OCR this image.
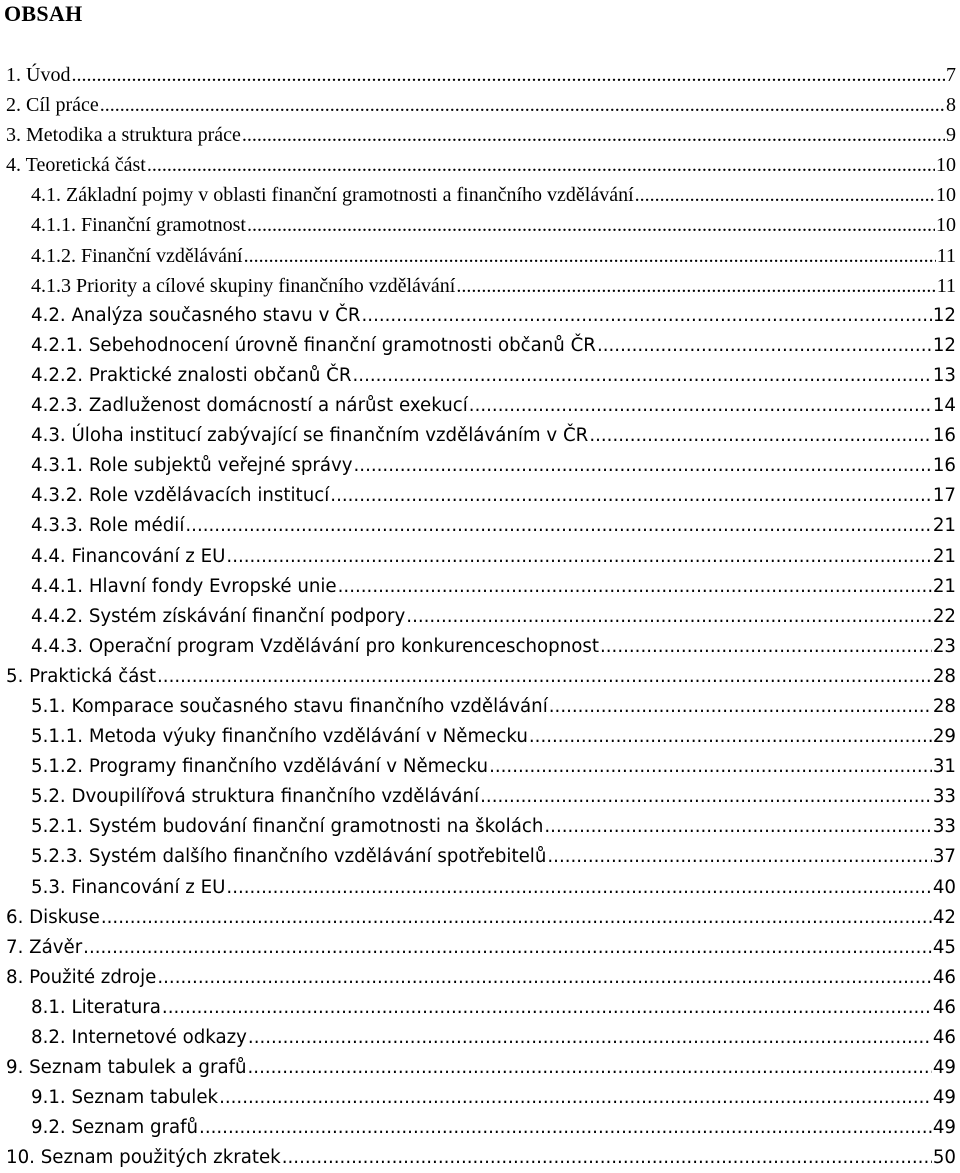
OBSAH
1. Úvod .....	7
2. Cíl práce .....	8
3. Metodika a struktura práce .....	9
4. Teoretická část .....	10
4.1. Základní pojmy v oblasti finanční gramotnosti a finančního vzdělávání .....	10
4.1.1. Finanční gramotnost .....	10
4.1.2. Finanční vzdělávání .....	11
4.1.3 Priority a cílové skupiny finančního vzdělávání .....	11
4.2. Analýza současného stavu v ČR .....	12
4.2.1. Sebehodnocení úrovně finanční gramotnosti občanů ČR .....	12
4.2.2. Praktické znalosti občanů ČR .....	13
4.2.3. Zadluženost domácností a nárůst exekucí .....	14
4.3. Úloha institucí zabývající se finančním vzděláváním v ČR .....	16
4.3.1. Role subjektů veřejné správy .....	16
4.3.2. Role vzdělávacích institucí .....	17
4.3.3. Role médií .....	21
4.4. Financování z EU .....	21
4.4.1. Hlavní fondy Evropské unie .....	21
4.4.2. Systém získávání finanční podpory .....	22
4.4.3. Operační program Vzdělávání pro konkurenceschopnost .....	23
5. Praktická část .....	28
5.1. Komparace současného stavu finančního vzdělávání .....	28
5.1.1. Metoda výuky finančního vzdělávání v Německu .....	29
5.1.2. Programy finančního vzdělávání v Německu .....	31
5.2. Dvoupilířová struktura finančního vzdělávání .....	33
5.2.1. Systém budování finanční gramotnosti na školách .....	33
5.2.3. Systém dalšího finančního vzdělávání spotřebitelů .....	37
5.3. Financování z EU .....	40
6. Diskuse .....	42
7. Závěr .....	45
8. Použité zdroje .....	46
8.1. Literatura .....	46
8.2. Internetové odkazy .....	46
9. Seznam tabulek a grafů .....	49
9.1. Seznam tabulek .....	49
9.2. Seznam grafů .....	49
10. Seznam použitých zkratek .....	50
